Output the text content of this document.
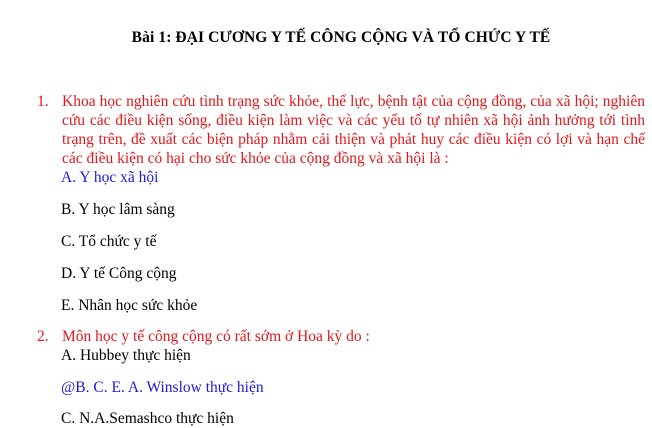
Bài 1: ĐẠI CƯƠNG Y TẾ CÔNG CỘNG VÀ TỔ CHỨC Y TẾ
1. Khoa học nghiên cứu tình trạng sức khỏe, thể lực, bệnh tật của cộng đồng, của xã hội; nghiên cứu các điều kiện sống, điều kiện làm việc và các yếu tố tự nhiên xã hội ảnh hưởng tới tình trạng trên, đề xuất các biện pháp nhằm cải thiện và phát huy các điều kiện có lợi và hạn chế các điều kiện có hại cho sức khỏe của cộng đồng và xã hội là :
A. Y học xã hội
B. Y học lâm sàng
C. Tổ chức y tế
D. Y tế Công cộng
E. Nhân học sức khỏe
2. Môn học y tế công cộng có rất sớm ở Hoa kỳ do :
A. Hubbey thực hiện
@B. C. E. A. Winslow thực hiện
C. N.A.Semashco thực hiện
